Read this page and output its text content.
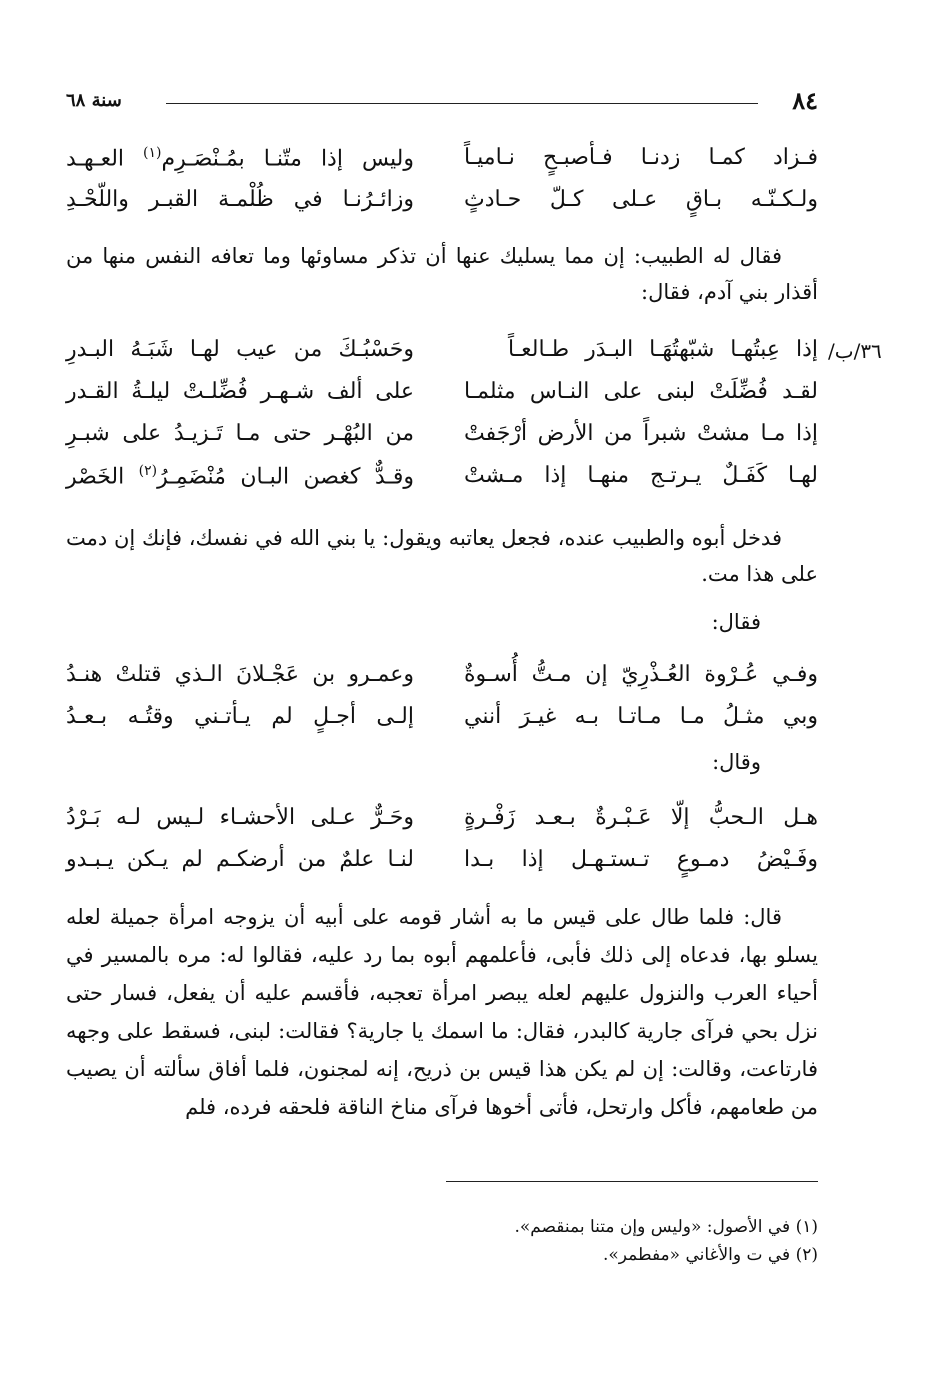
٨٤
سنة ٦٨
فـزاد كمـا زدنـا فـأصبـحٍ نـاميـاً
وليس إذا متّنـا بمُـنْصَـرِم$^{(١)}$ العـهـد
ولـكـنّـه بـاقٍ عـلى كـلّ حـادثٍ
وزائـرُنـا في ظُلْمـة القبـر واللّحْـدِ

فقال له الطبيب: إن مما يسليك عنها أن تذكر مساوئها وما تعافه النفس منها من أقذار بني آدم، فقال:

٣٦/ب/
إذا عِبتُهـا شبّهتُهَـا البـدَر طـالعـاً
وحَسْبُـكَ من عيب لهـا شَبَـهُ البـدرِ
لقـد فُضِّلَتْ لبنى على النـاس مثلمـا
على ألف شـهـر فُضِّلـتْ ليلـةُ القـدر
إذا مـا مشتْ شبراً من الأرض أرْجَفتْ
من البُهْـر حتى مـا تَـزيـدُ على شبـرِ
لهـا كَفَـلٌ يـرتـج منهـا إذا مـشتْ
وقـدٌّ كغصن البـان مُنْضَمِـرُ$^{(٢)}$ الخَصْر

فدخل أبوه والطبيب عنده، فجعل يعاتبه ويقول: يا بني الله في نفسك، فإنك إن دمت على هذا مت.

فقال:
وفـي عُـرْوة العُـذْرِيّ إن مـتُّ أُسـوةٌ
وعمـرو بن عَجْـلانَ الـذي قتلتْ هنـدُ
وبي مثـلُ مـا مـاتـا بـه غيـرَ أنني
إلـى أجـلٍ لم يـأتـني وقتُـه بـعـدُ
وقال:
هـل الـحبُّ إلّا عَـبْـرةٌ بـعـد زَفْـرةٍ
وحَـرٌّ عـلى الأحشـاء لـيس لـه بَـرْدُ
وفَـيْضُ دمـوعٍ تـستـهـل إذا بـدا
لنـا علمٌ من أرضكـم لم يـكن يـبـدو

قال: فلما طال على قيس ما به أشار قومه على أبيه أن يزوجه امرأة جميلة لعله يسلو بها، فدعاه إلى ذلك فأبى، فأعلمهم أبوه بما رد عليه، فقالوا له: مره بالمسير في أحياء العرب والنزول عليهم لعله يبصر امرأة تعجبه، فأقسم عليه أن يفعل، فسار حتى نزل بحي فرآى جارية كالبدر، فقال: ما اسمك يا جارية؟ فقالت: لبنى، فسقط على وجهه فارتاعت، وقالت: إن لم يكن هذا قيس بن ذريح، إنه لمجنون، فلما أفاق سألته أن يصيب من طعامهم، فأكل وارتحل، فأتى أخوها فرآى مناخ الناقة فلحقه فرده، فلم

(١) في الأصول: «وليس وإن متنا بمنقصم».
(٢) في ت والأغاني «مفطمر».
